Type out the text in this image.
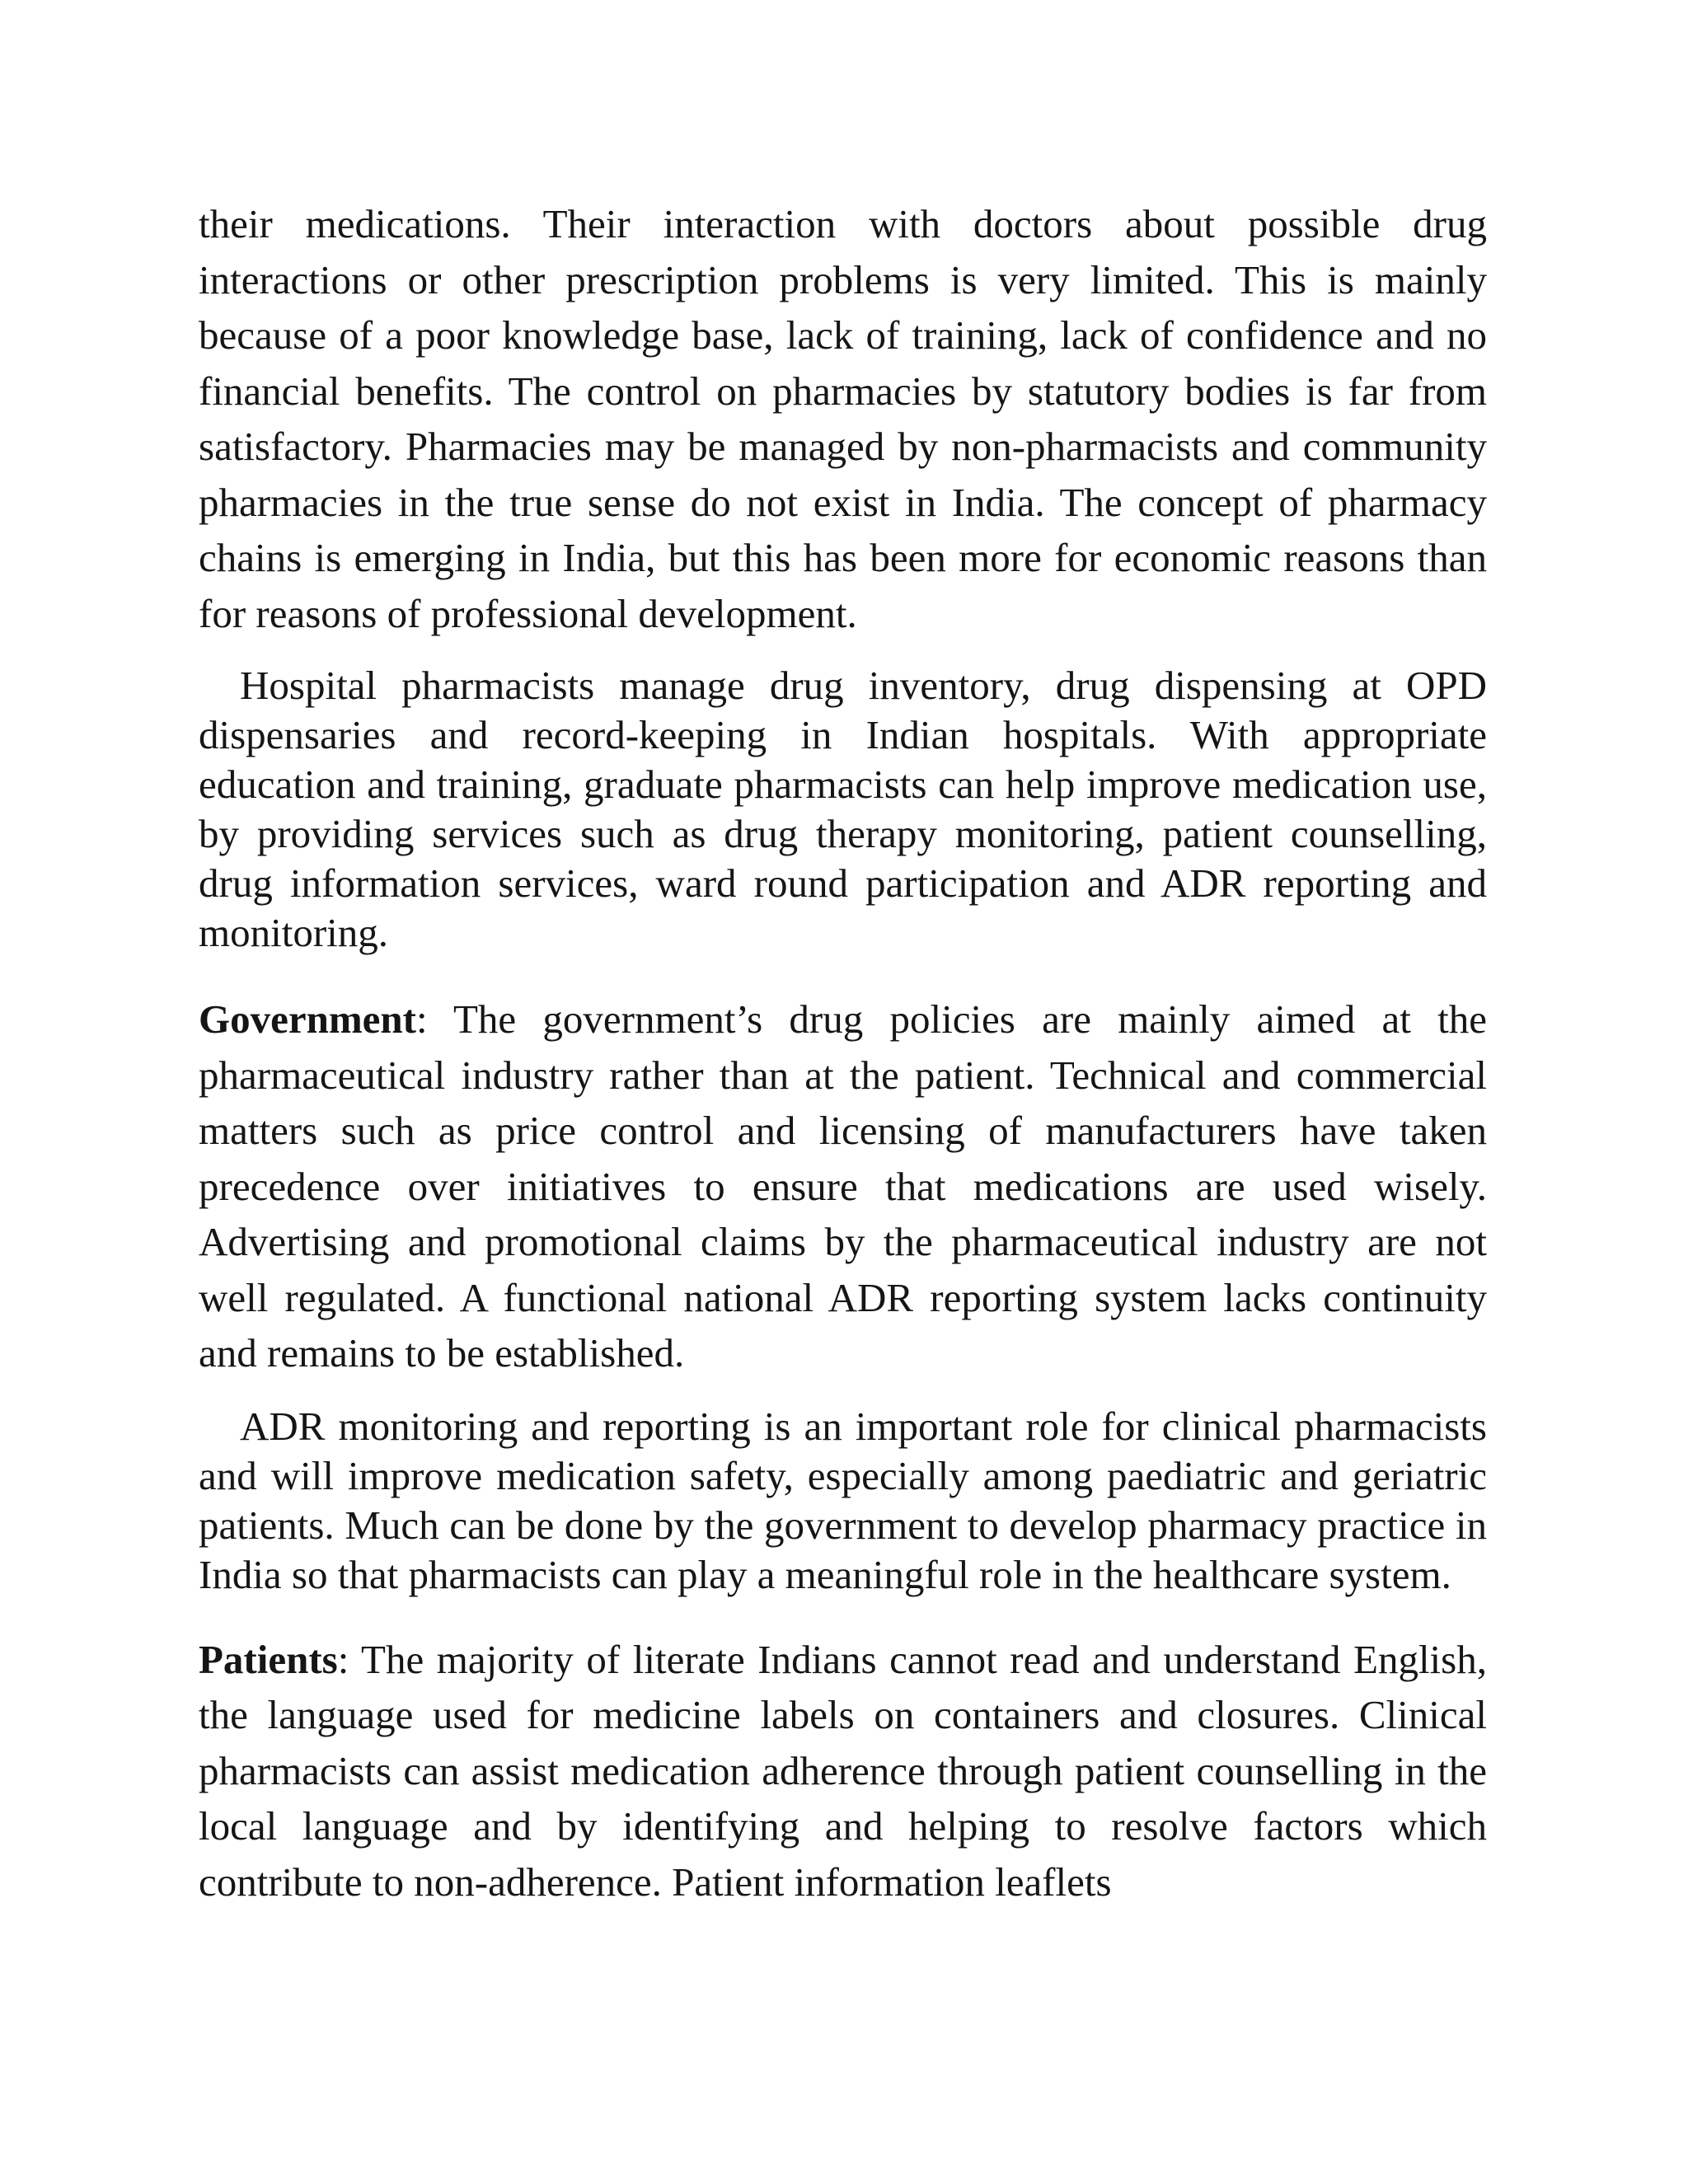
their medications. Their interaction with doctors about possible drug interactions or other prescription problems is very limited. This is mainly because of a poor knowledge base, lack of training, lack of confidence and no financial benefits. The control on pharmacies by statutory bodies is far from satisfactory. Pharmacies may be managed by non-pharmacists and community pharmacies in the true sense do not exist in India. The concept of pharmacy chains is emerging in India, but this has been more for economic reasons than for reasons of professional development.

Hospital pharmacists manage drug inventory, drug dispensing at OPD dispensaries and record-keeping in Indian hospitals. With appropriate education and training, graduate pharmacists can help improve medication use, by providing services such as drug therapy monitoring, patient counselling, drug information services, ward round participation and ADR reporting and monitoring.

Government: The government’s drug policies are mainly aimed at the pharmaceutical industry rather than at the patient. Technical and commercial matters such as price control and licensing of manufacturers have taken precedence over initiatives to ensure that medications are used wisely. Advertising and promotional claims by the pharmaceutical industry are not well regulated. A functional national ADR reporting system lacks continuity and remains to be established.

ADR monitoring and reporting is an important role for clinical pharmacists and will improve medication safety, especially among paediatric and geriatric patients. Much can be done by the government to develop pharmacy practice in India so that pharmacists can play a meaningful role in the healthcare system.

Patients: The majority of literate Indians cannot read and understand English, the language used for medicine labels on containers and closures. Clinical pharmacists can assist medication adherence through patient counselling in the local language and by identifying and helping to resolve factors which contribute to non-adherence. Patient information leaflets
